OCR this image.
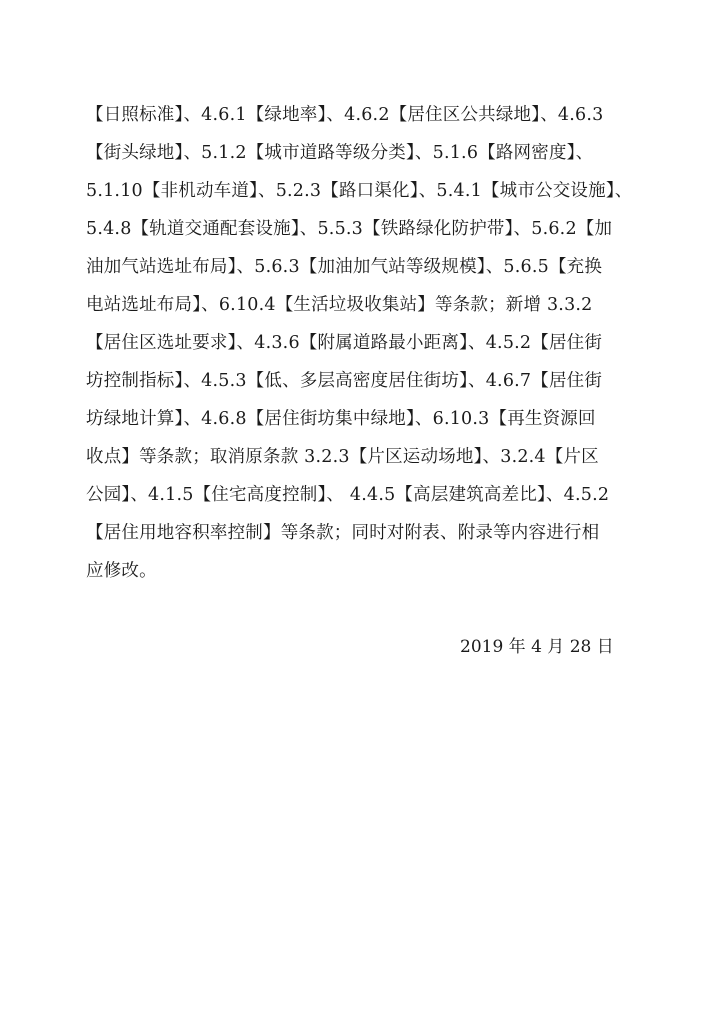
【日照标准】、4.6.1【绿地率】、4.6.2【居住区公共绿地】、4.6.3
【街头绿地】、5.1.2【城市道路等级分类】、5.1.6【路网密度】、
5.1.10【非机动车道】、5.2.3【路口渠化】、5.4.1【城市公交设施】、
5.4.8【轨道交通配套设施】、5.5.3【铁路绿化防护带】、5.6.2【加
油加气站选址布局】、5.6.3【加油加气站等级规模】、5.6.5【充换
电站选址布局】、6.10.4【生活垃圾收集站】等条款；新增 3.3.2
【居住区选址要求】、4.3.6【附属道路最小距离】、4.5.2【居住街
坊控制指标】、4.5.3【低、多层高密度居住街坊】、4.6.7【居住街
坊绿地计算】、4.6.8【居住街坊集中绿地】、6.10.3【再生资源回
收点】等条款；取消原条款 3.2.3【片区运动场地】、3.2.4【片区
公园】、4.1.5【住宅高度控制】、 4.4.5【高层建筑高差比】、4.5.2
【居住用地容积率控制】等条款；同时对附表、附录等内容进行相
应修改。
2019 年 4 月 28 日
